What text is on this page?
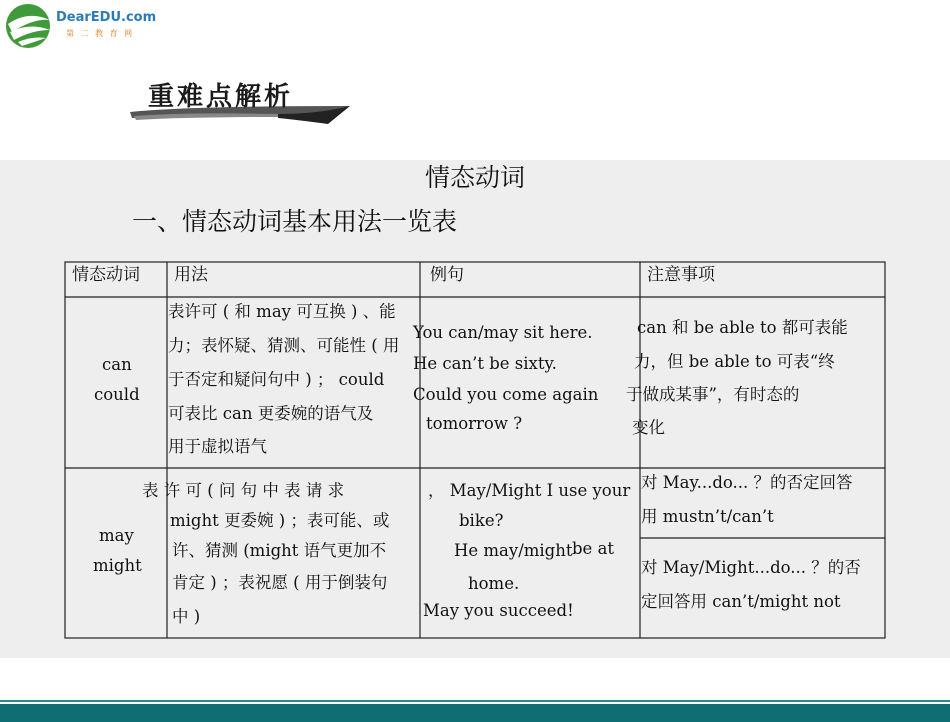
DearEDU.com
第 二 教 育 网
重难点解析
情态动词
一、情态动词基本用法一览表
情态动词 用法	例句	注意事项
can
could
表许可 ( 和 may 可互换 ) 、能
力；表怀疑、猜测、可能性 ( 用
于否定和疑问句中 ) ； could
可表比 can 更委婉的语气及
用于虚拟语气
You can/may sit here.
He can’t be sixty.
Could you come again
tomorrow ?
can 和 be able to 都可表能
力，但 be able to 可表“终
于做成某事”，有时态的
变化
may
might
表 许 可 ( 问 句 中 表 请 求
might 更委婉 ) ；表可能、或
许、猜测 (might 语气更加不
肯定 ) ；表祝愿 ( 用于倒装句
中 )
， May/Might I use your
bike?
He may/might be at
home.
May you succeed!
对 May...do... ？的否定回答
用 mustn’t/can’t
对 May/Might...do... ？的否
定回答用 can’t/might not
